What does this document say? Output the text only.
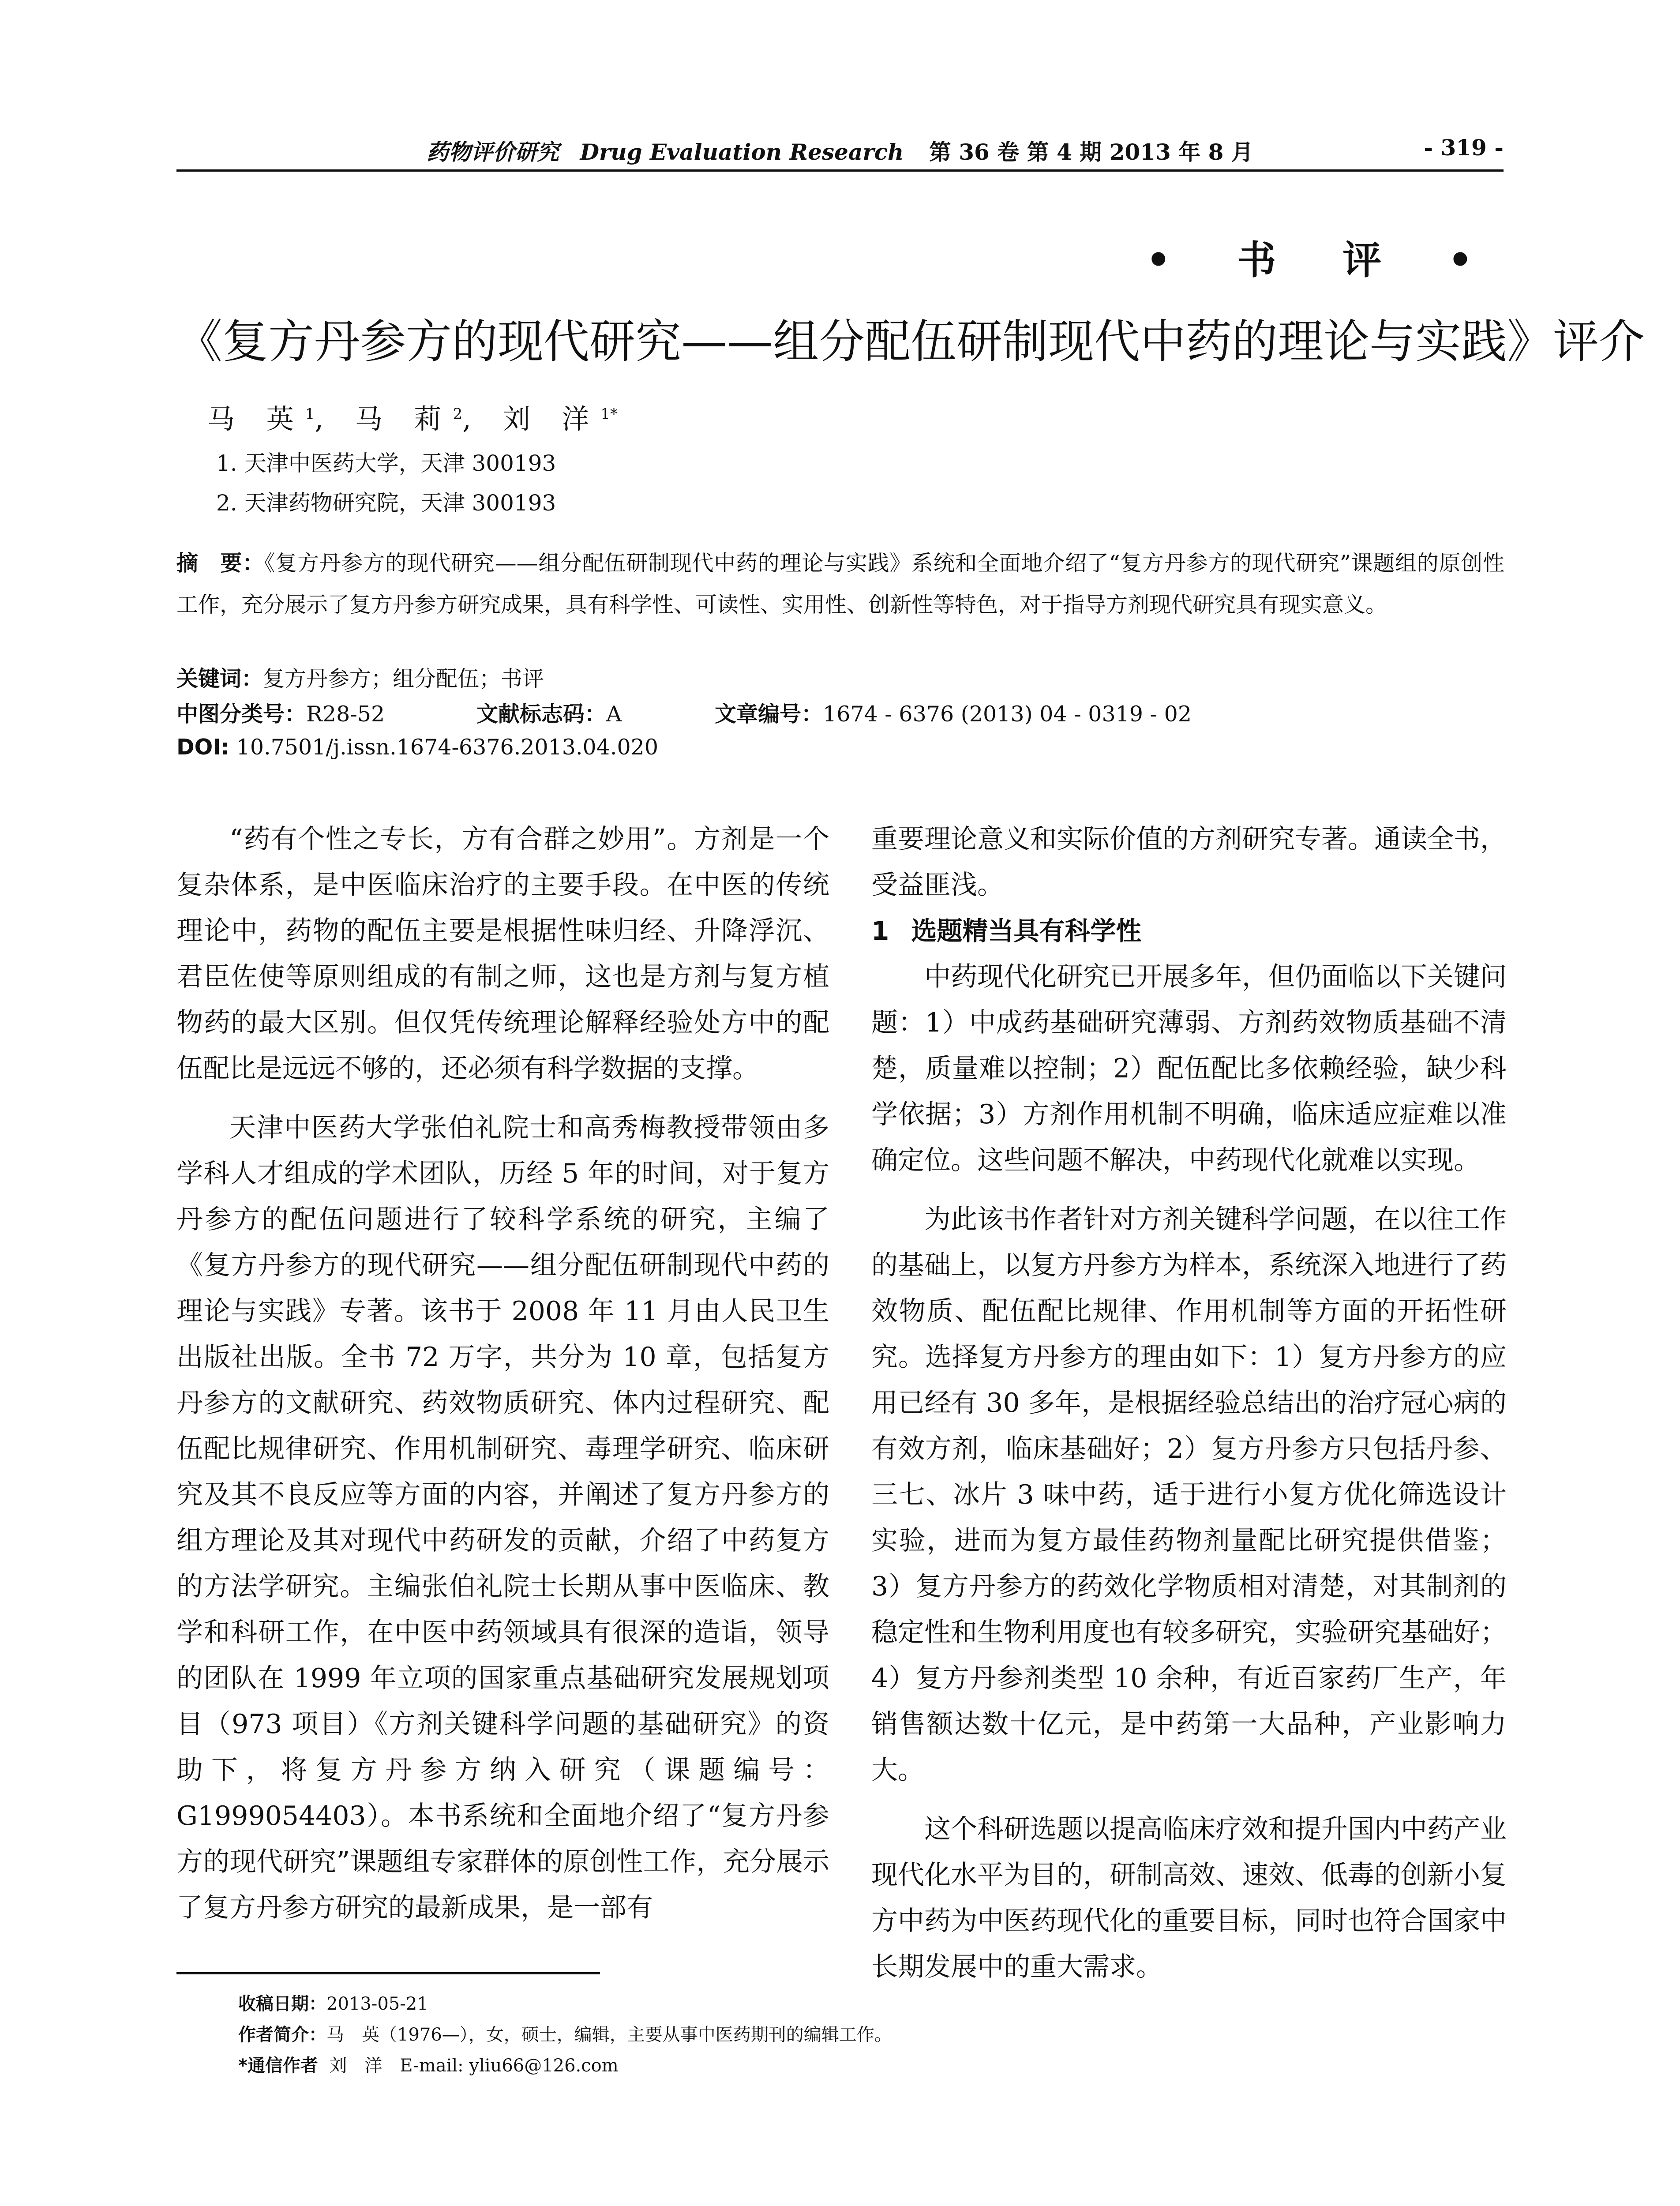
药物评价研究 Drug Evaluation Research 第 36 卷 第 4 期 2013 年 8 月	- 319 -
• 书 评 •
《复方丹参方的现代研究——组分配伍研制现代中药的理论与实践》评介
马 英$^1$, 马 莉$^2$, 刘 洋$^{1*}$
1. 天津中医药大学，天津 300193
2. 天津药物研究院，天津 300193
摘　要：《复方丹参方的现代研究——组分配伍研制现代中药的理论与实践》系统和全面地介绍了“复方丹参方的现代研究”课题组的原创性工作，充分展示了复方丹参方研究成果，具有科学性、可读性、实用性、创新性等特色，对于指导方剂现代研究具有现实意义。
关键词：复方丹参方；组分配伍；书评
中图分类号：R28-52	文献标志码：A	文章编号：1674 - 6376 (2013) 04 - 0319 - 02
DOI: 10.7501/j.issn.1674-6376.2013.04.020

“药有个性之专长，方有合群之妙用”。方剂是一个复杂体系，是中医临床治疗的主要手段。在中医的传统理论中，药物的配伍主要是根据性味归经、升降浮沉、君臣佐使等原则组成的有制之师，这也是方剂与复方植物药的最大区别。但仅凭传统理论解释经验处方中的配伍配比是远远不够的，还必须有科学数据的支撑。

天津中医药大学张伯礼院士和高秀梅教授带领由多学科人才组成的学术团队，历经 5 年的时间，对于复方丹参方的配伍问题进行了较科学系统的研究，主编了《复方丹参方的现代研究——组分配伍研制现代中药的理论与实践》专著。该书于 2008 年 11 月由人民卫生出版社出版。全书 72 万字，共分为 10 章，包括复方丹参方的文献研究、药效物质研究、体内过程研究、配伍配比规律研究、作用机制研究、毒理学研究、临床研究及其不良反应等方面的内容，并阐述了复方丹参方的组方理论及其对现代中药研发的贡献，介绍了中药复方的方法学研究。主编张伯礼院士长期从事中医临床、教学和科研工作，在中医中药领域具有很深的造诣，领导的团队在 1999 年立项的国家重点基础研究发展规划项目（973 项目）《方剂关键科学问题的基础研究》的资助下，将复方丹参方纳入研究（课题编号：G1999054403）。本书系统和全面地介绍了“复方丹参方的现代研究”课题组专家群体的原创性工作，充分展示了复方丹参方研究的最新成果，是一部有

重要理论意义和实际价值的方剂研究专著。通读全书，受益匪浅。

1 选题精当具有科学性

中药现代化研究已开展多年，但仍面临以下关键问题：1）中成药基础研究薄弱、方剂药效物质基础不清楚，质量难以控制；2）配伍配比多依赖经验，缺少科学依据；3）方剂作用机制不明确，临床适应症难以准确定位。这些问题不解决，中药现代化就难以实现。

为此该书作者针对方剂关键科学问题，在以往工作的基础上，以复方丹参方为样本，系统深入地进行了药效物质、配伍配比规律、作用机制等方面的开拓性研究。选择复方丹参方的理由如下：1）复方丹参方的应用已经有 30 多年，是根据经验总结出的治疗冠心病的有效方剂，临床基础好；2）复方丹参方只包括丹参、三七、冰片 3 味中药，适于进行小复方优化筛选设计实验，进而为复方最佳药物剂量配比研究提供借鉴；3）复方丹参方的药效化学物质相对清楚，对其制剂的稳定性和生物利用度也有较多研究，实验研究基础好；4）复方丹参剂类型 10 余种，有近百家药厂生产，年销售额达数十亿元，是中药第一大品种，产业影响力大。

这个科研选题以提高临床疗效和提升国内中药产业现代化水平为目的，研制高效、速效、低毒的创新小复方中药为中医药现代化的重要目标，同时也符合国家中长期发展中的重大需求。

收稿日期：2013-05-21
作者简介：马　英（1976—），女，硕士，编辑，主要从事中医药期刊的编辑工作。
*通信作者 刘　洋　E-mail: yliu66@126.com
